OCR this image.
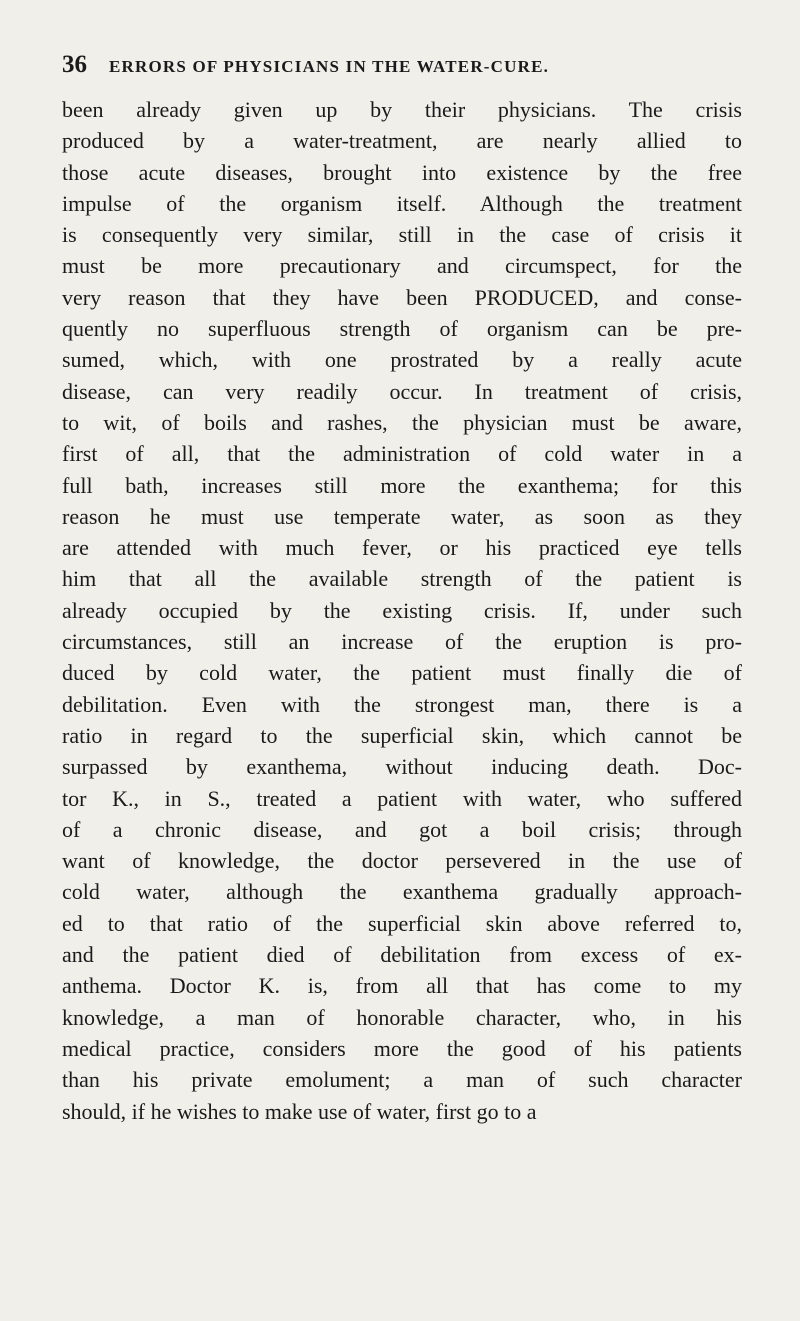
36 ERRORS OF PHYSICIANS IN THE WATER-CURE.
been already given up by their physicians. The crisis
produced by a water-treatment, are nearly allied to
those acute diseases, brought into existence by the free
impulse of the organism itself. Although the treatment
is consequently very similar, still in the case of crisis it
must be more precautionary and circumspect, for the
very reason that they have been PRODUCED, and conse-
quently no superfluous strength of organism can be pre-
sumed, which, with one prostrated by a really acute
disease, can very readily occur. In treatment of crisis,
to wit, of boils and rashes, the physician must be aware,
first of all, that the administration of cold water in a
full bath, increases still more the exanthema; for this
reason he must use temperate water, as soon as they
are attended with much fever, or his practiced eye tells
him that all the available strength of the patient is
already occupied by the existing crisis. If, under such
circumstances, still an increase of the eruption is pro-
duced by cold water, the patient must finally die of
debilitation. Even with the strongest man, there is a
ratio in regard to the superficial skin, which cannot be
surpassed by exanthema, without inducing death. Doc-
tor K., in S., treated a patient with water, who suffered
of a chronic disease, and got a boil crisis; through
want of knowledge, the doctor persevered in the use of
cold water, although the exanthema gradually approach-
ed to that ratio of the superficial skin above referred to,
and the patient died of debilitation from excess of ex-
anthema. Doctor K. is, from all that has come to my
knowledge, a man of honorable character, who, in his
medical practice, considers more the good of his patients
than his private emolument; a man of such character
should, if he wishes to make use of water, first go to a
